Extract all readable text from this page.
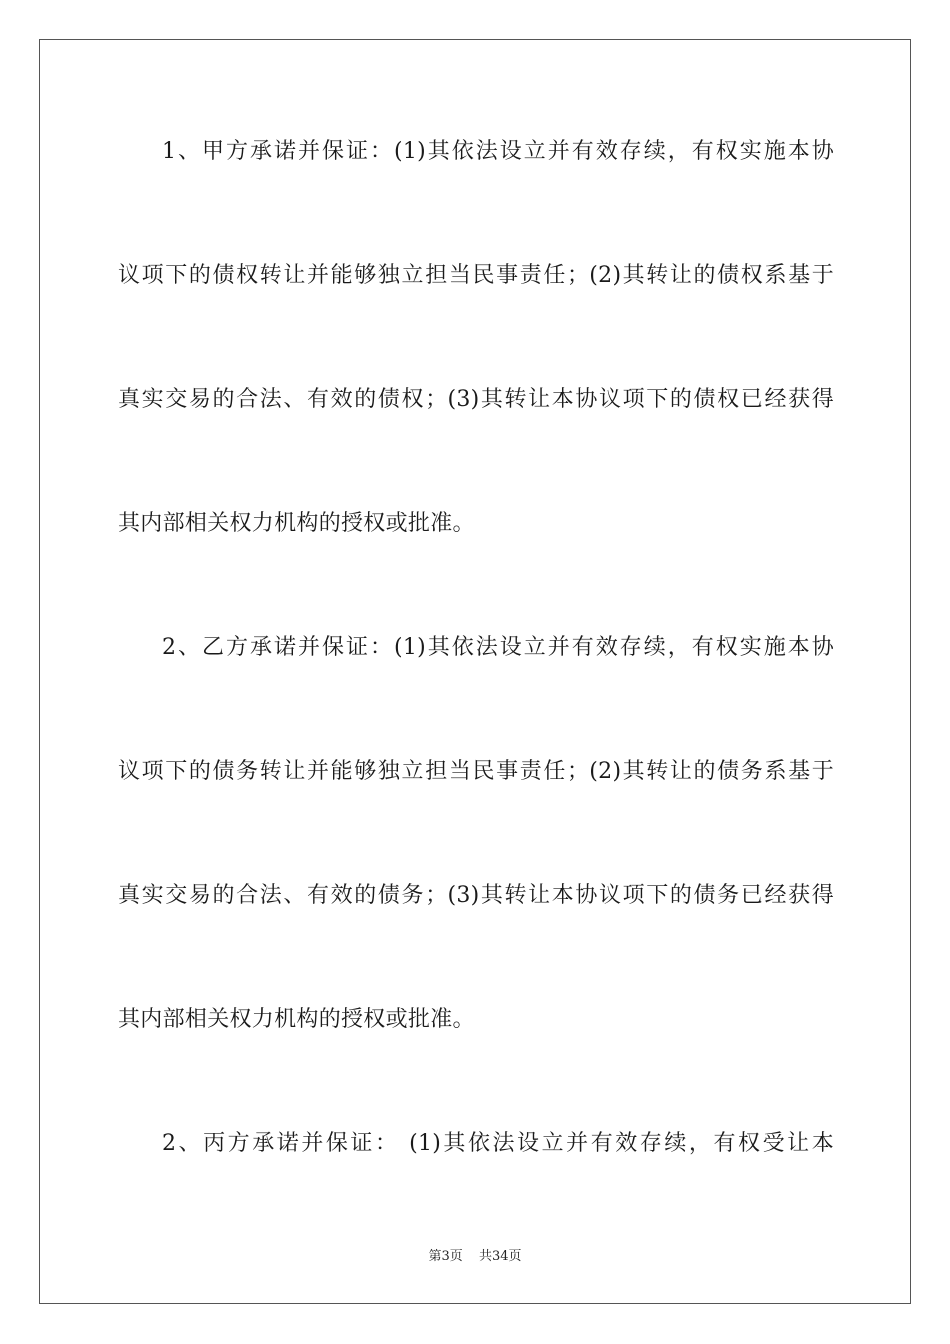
1、甲方承诺并保证：(1)其依法设立并有效存续，有权实施本协
议项下的债权转让并能够独立担当民事责任；(2)其转让的债权系基于
真实交易的合法、有效的债权；(3)其转让本协议项下的债权已经获得
其内部相关权力机构的授权或批准。
2、乙方承诺并保证：(1)其依法设立并有效存续，有权实施本协
议项下的债务转让并能够独立担当民事责任；(2)其转让的债务系基于
真实交易的合法、有效的债务；(3)其转让本协议项下的债务已经获得
其内部相关权力机构的授权或批准。
2、丙方承诺并保证： (1)其依法设立并有效存续，有权受让本
第3页 共34页
